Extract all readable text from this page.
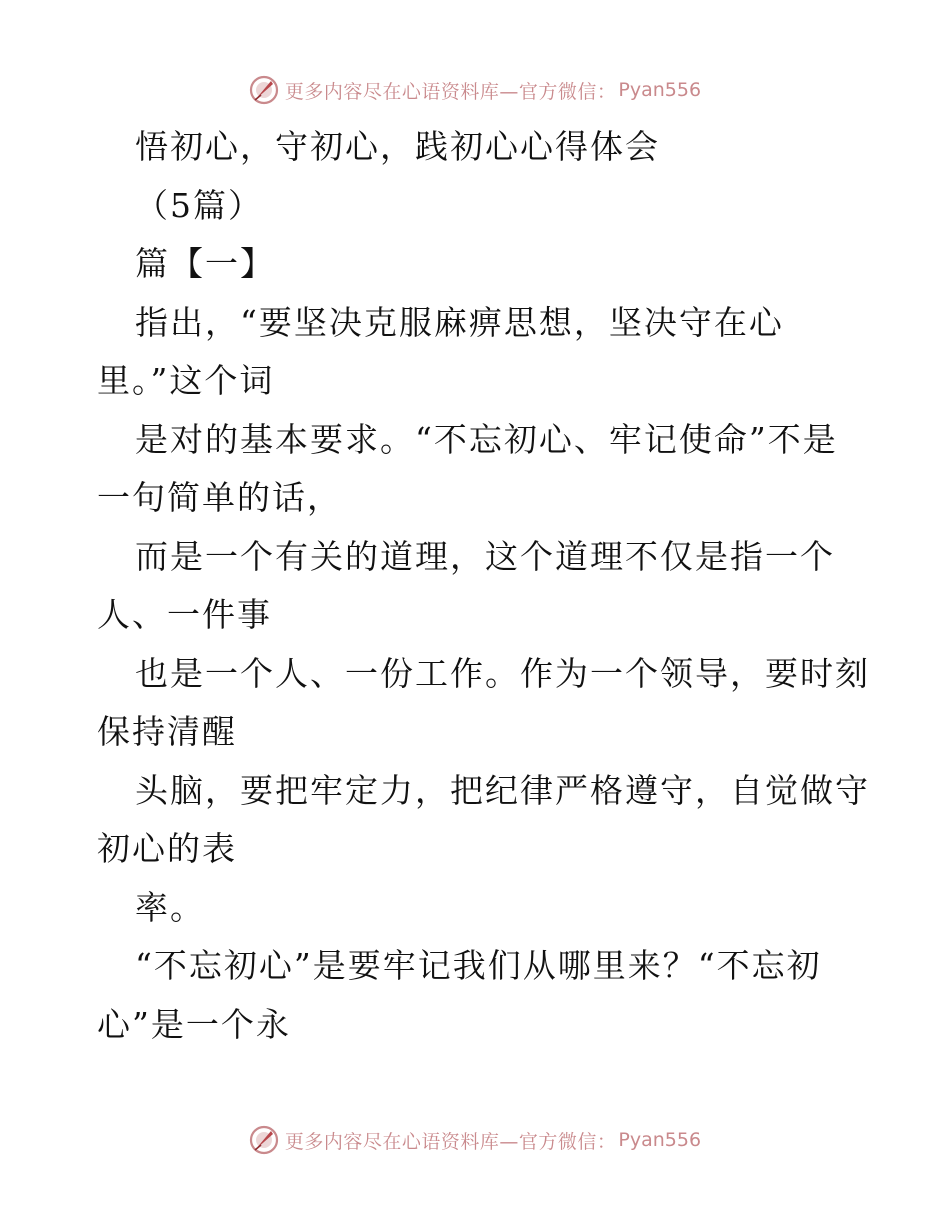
更多内容尽在心语资料库—官方微信： Pyan556
悟初心，守初心，践初心心得体会
（5篇）
篇【一】
指出，“要坚决克服麻痹思想，坚决守在心
里。”这个词
是对的基本要求。“不忘初心、牢记使命”不是
一句简单的话，
而是一个有关的道理，这个道理不仅是指一个
人、一件事
也是一个人、一份工作。作为一个领导，要时刻
保持清醒
头脑，要把牢定力，把纪律严格遵守，自觉做守
初心的表
率。
“不忘初心”是要牢记我们从哪里来？“不忘初
心”是一个永
更多内容尽在心语资料库—官方微信： Pyan556
